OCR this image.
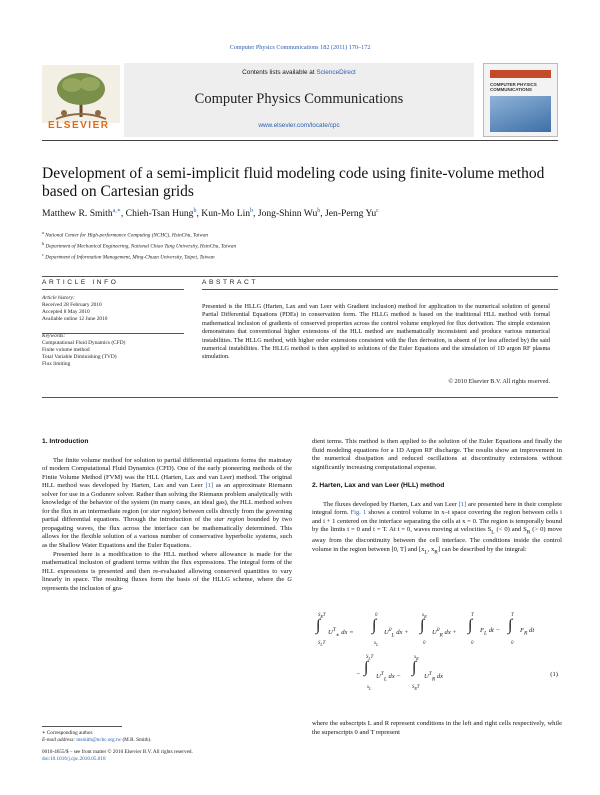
Computer Physics Communications 182 (2011) 170–172
ELSEVIER
Contents lists available at ScienceDirect
Computer Physics Communications
www.elsevier.com/locate/cpc
COMPUTER PHYSICS COMMUNICATIONS
Development of a semi-implicit fluid modeling code using finite-volume method based on Cartesian grids
Matthew R. Smith$^{a,∗}$, Chieh-Tsan Hung$^b$, Kun-Mo Lin$^b$, Jong-Shinn Wu$^b$, Jen-Perng Yu$^c$
$^a$ National Center for High-performance Computing (NCHC), HsinChu, Taiwan
$^b$ Department of Mechanical Engineering, National Chiao Tung University, HsinChu, Taiwan
$^c$ Department of Information Management, Ming-Chuan University, Taipei, Taiwan
ARTICLE INFO	ABSTRACT
Article history:
Received 28 February 2010
Accepted 8 May 2010
Available online 12 June 2010
Keywords:
Computational Fluid Dynamics (CFD)
Finite volume method
Total Variable Diminishing (TVD)
Flux limiting
Presented is the HLLG (Harten, Lax and van Leer with Gradient inclusion) method for application to the numerical solution of general Partial Differential Equations (PDEs) in conservation form. The HLLG method is based on the traditional HLL method with formal mathematical inclusion of gradients of conserved properties across the control volume employed for flux derivation. The simple extension demonstrates that conventional higher extensions of the HLL method are mathematically inconsistent and produce various numerical instabilities. The HLLG method, with higher order extensions consistent with the flux derivation, is absent of (or less affected by) the said numerical instabilities. The HLLG method is then applied to solutions of the Euler Equations and the simulation of 1D argon RF plasma simulation.
© 2010 Elsevier B.V. All rights reserved.
1. Introduction

The finite volume method for solution to partial differential equations forms the mainstay of modern Computational Fluid Dynamics (CFD). One of the early pioneering methods of the Finite Volume Method (FVM) was the HLL (Harten, Lax and van Leer) method. The original HLL method was developed by Harten, Lax and van Leer [1] as an approximate Riemann solver for use in a Godunov solver. Rather than solving the Riemann problem analytically with knowledge of the behavior of the system (in many cases, an ideal gas), the HLL method solves for the flux in an intermediate region (or star region) between cells directly from the governing partial differential equations. Through the introduction of the star region bounded by two propagating waves, the flux across the interface can be mathematically determined. This allows for the flexible solution of a various number of conservative hyperbolic systems, such as the Shallow Water Equations and the Euler Equations.

Presented here is a modification to the HLL method where allowance is made for the mathematical inclusion of gradient terms within the flux expressions. The integral form of the HLL expressions is presented and then re-evaluated allowing conserved quantities to vary linearly in space. The resulting fluxes form the basis of the HLLG scheme, where the G represents the inclusion of gra-

∗ Corresponding author.
E-mail address: msmith@nchc.org.tw (M.R. Smith).
0010-4655/$ – see front matter © 2010 Elsevier B.V. All rights reserved.
doi:10.1016/j.cpc.2010.05.018

dient terms. This method is then applied to the solution of the Euler Equations and finally the fluid modeling equations for a 1D Argon RF discharge. The results show an improvement in the numerical dissipation and reduced oscillations at discontinuity extensions without significantly increasing computational expense.

2. Harten, Lax and van Leer (HLL) method

The fluxes developed by Harten, Lax and van Leer [1] are presented here in their complete integral form. Fig. 1 shows a control volume in x–t space covering the region between cells i and i + 1 centered on the interface separating the cells at x = 0. The region is temporally bound by the limits t = 0 and t = T. At t = 0, waves moving at velocities $S_L$ (< 0) and $S_R$ (> 0) move away from the discontinuity between the cell interface. The conditions inside the control volume in the region between [0, T] and [$x_L$, $x_R$] can be described by the integral:

∫
$S_RT$
$S_LT$
$U^T_∗$ dx = ∫
0
$x_L$
$U^0_L$ dx + ∫
$x_R$
0
$U^0_R$ dx + ∫
T
0
$F_L$ dt − ∫
T
0
$F_R$ dt
− ∫
$S_LT$
$x_L$
$U^T_L$ dx −
∫
$x_R$
$S_RT$
$U^T_R$ dx	(1)

where the subscripts L and R represent conditions in the left and right cells respectively, while the superscripts 0 and T represent
